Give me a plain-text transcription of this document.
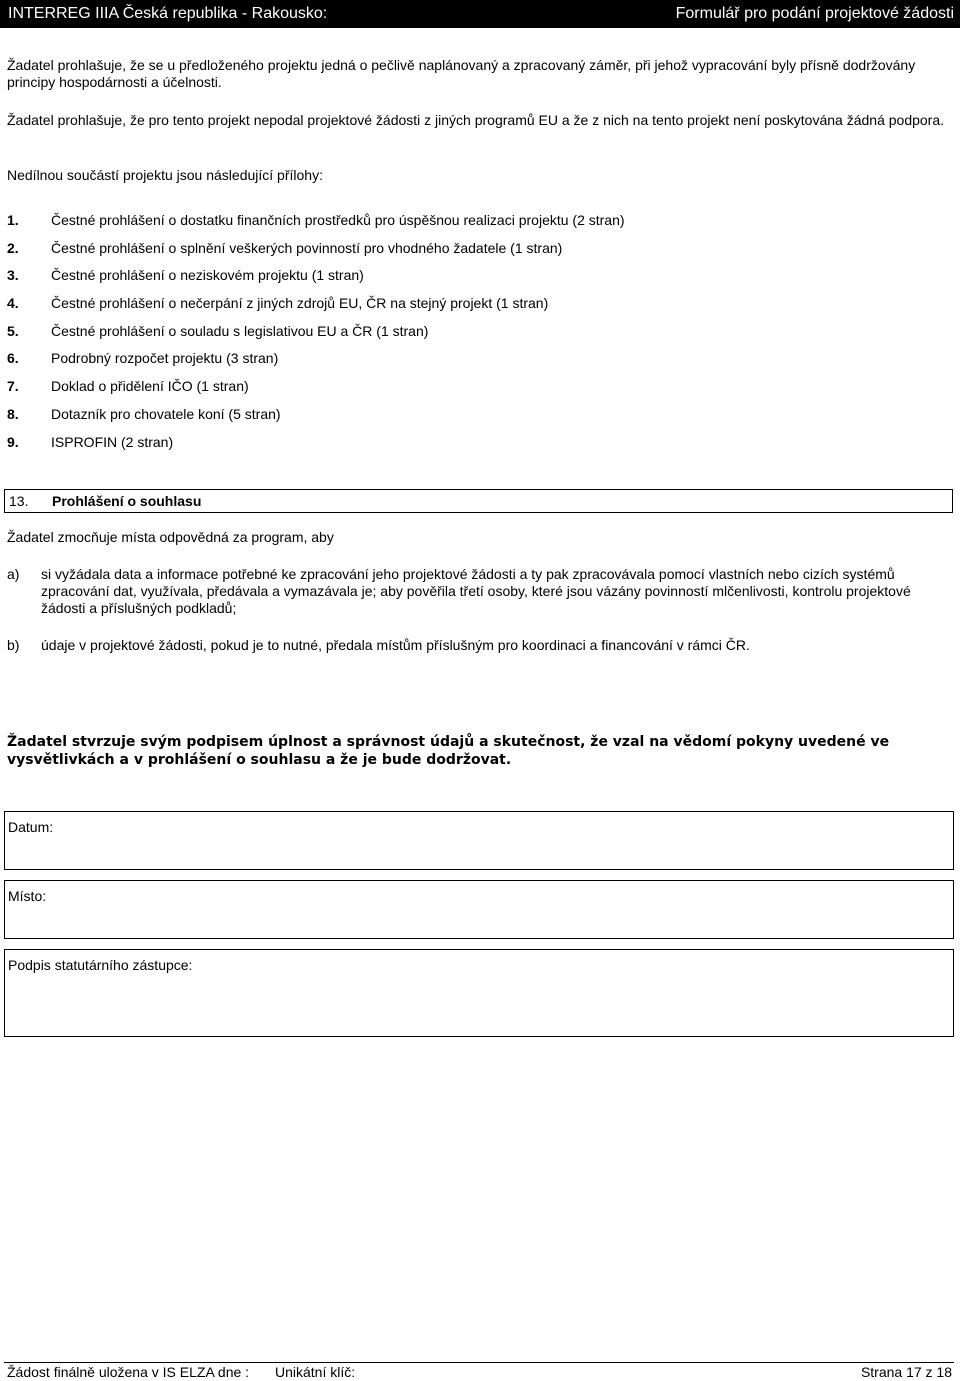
INTERREG IIIA Česká republika - Rakousko:	Formulář pro podání projektové žádosti
Žadatel prohlašuje, že se u předloženého projektu jedná o pečlivě naplánovaný a zpracovaný záměr, při jehož vypracování byly přísně dodržovány principy hospodárnosti a účelnosti.
Žadatel prohlašuje, že pro tento projekt nepodal projektové žádosti z jiných programů EU a že z nich na tento projekt není poskytována žádná podpora.
Nedílnou součástí projektu jsou následující přílohy:
1. Čestné prohlášení o dostatku finančních prostředků pro úspěšnou realizaci projektu (2 stran)
2. Čestné prohlášení o splnění veškerých povinností pro vhodného žadatele (1 stran)
3. Čestné prohlášení o neziskovém projektu (1 stran)
4. Čestné prohlášení o nečerpání z jiných zdrojů EU, ČR na stejný projekt (1 stran)
5. Čestné prohlášení o souladu s legislativou EU a ČR (1 stran)
6. Podrobný rozpočet projektu (3 stran)
7. Doklad o přidělení IČO (1 stran)
8. Dotazník pro chovatele koní (5 stran)
9. ISPROFIN (2 stran)
13. Prohlášení o souhlasu
Žadatel zmocňuje místa odpovědná za program, aby
a)	si vyžádala data a informace potřebné ke zpracování jeho projektové žádosti a ty pak zpracovávala pomocí vlastních nebo cizích systémů zpracování dat, využívala, předávala a vymazávala je; aby pověřila třetí osoby, které jsou vázány povinností mlčenlivosti, kontrolu projektové žádosti a příslušných podkladů;
b)	údaje v projektové žádosti, pokud je to nutné, předala místům příslušným pro koordinaci a financování v rámci ČR.
Žadatel stvrzuje svým podpisem úplnost a správnost údajů a skutečnost, že vzal na vědomí pokyny uvedené ve vysvětlivkách a v prohlášení o souhlasu a že je bude dodržovat.
Datum:
Místo:
Podpis statutárního zástupce:
Žádost finálně uložena v IS ELZA dne : Unikátní klíč:	Strana 17 z 18
